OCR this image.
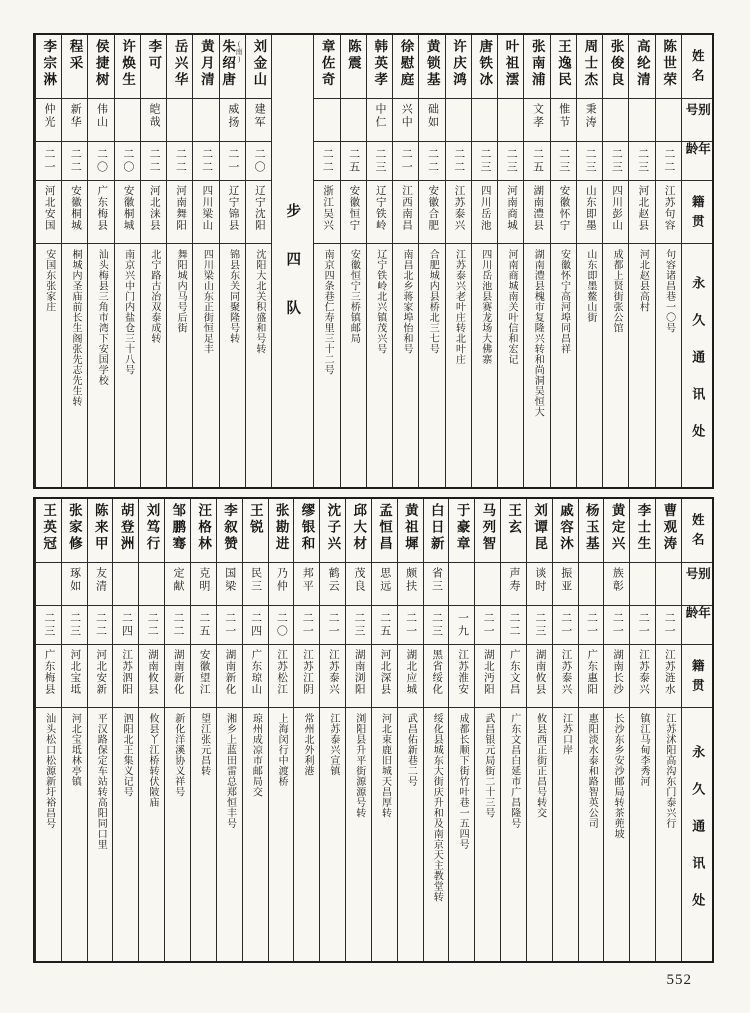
姓名
别号
年龄
籍贯
永久通讯处
陈世荣
二二
江苏句容
句容诸昌巷一〇号
高纶清
二三
河北赵县
河北赵县高村
张俊良
二三
四川彭山
成都上贤街张公馆
周士杰
秉涛
二三
山东即墨
山东即墨鳌山街
王逸民
惟节
二三
安徽怀宁
安徽怀宁高河埠同昌祥
张南浦
文孝
二五
湖南澧县
湖南澧县槐市复隆兴转和尚洞吴恒大
叶祖澐
二三
河南商城
河南商城南关叶信和宏记
唐铁冰
二三
四川岳池
四川岳池县赛龙场大佛寨
许庆鸿
二二
江苏泰兴
江苏泰兴老叶庄转北叶庄
黄锁基
础如
二二
安徽合肥
合肥城内县桥北三七号
徐慰庭
兴中
二一
江西南昌
南昌北乡蒋家埠怡和号
韩英孝
中仁
二三
辽宁铁岭
辽宁铁岭北兴镇茂兴号
陈震
二五
安徽恒宁
安徽恒宁三桥镇邮局
章佐奇
二二
浙江吴兴
南京四条巷仁寿里三十二号
步四队
刘金山
建军
二〇
辽宁沈阳
沈阳大北关积盛和号转
朱绍唐 (南)
威扬
二一
辽宁锦县
锦县东关同聚隆号转
黄月清
二二
四川梁山
四川梁山东正街恒足丰
岳兴华
二二
河南舞阳
舞阳城内马号后街
李可
皑哉
二二
河北涞县
北宁路古冶双泰成转
许焕生
二〇
安徽桐城
南京兴中门内盐仓三十八号
侯捷树
伟山
二〇
广东梅县
汕头梅县三角市湾下安国学校
程采
新华
二二
安徽桐城
桐城内圣庙前长生阁张先志先生转
李宗淋
仲光
二一
河北安国
安国东张家庄
姓名
别号
年龄
籍贯
永久通讯处
曹观涛
二一
江苏涟水
江苏沭阳高沟东门泰兴行
李士生
二一
江苏泰兴
镇江马甸李秀河
黄定兴
族彰
二一
湖南长沙
长沙东乡安沙邮局转茶蔸坡
杨玉基
二一
广东惠阳
惠阳淡水泰和路智英公司
戚容沐
振亚
二一
江苏泰兴
江苏口岸
刘谭昆
谈时
二三
湖南攸县
攸县西正街正昌号转交
王玄
声寿
二二
广东文昌
广东文昌白延市广昌隆号
马列智
二一
湖北沔阳
武昌银元局街二十三号
于豪章
一九
江苏淮安
成都长顺下街竹叶巷一五四号
白日新
省三
二三
黑省绥化
绥化县城东大街庆升和及南京天主教堂转
黄祖墀
颇扶
二一
湖北应城
武昌佑新巷二号
孟恒昌
思远
二五
河北深县
河北束鹿旧城天昌厚转
邱大材
茂良
二三
湖南浏阳
浏阳县升平街源源号转
沈子兴
鹤云
二一
江苏泰兴
江苏泰兴宣镇
缪银和
邦平
二一
江苏江阴
常州北外利港
张勘进
乃仲
二〇
江苏松江
上海闵行中渡桥
王锐
民三
二四
广东琼山
琼州成凉市邮局交
李叙赞
国梁
二一
湖南新化
湘乡上蓝田雷总郑恒丰号
汪格林
克明
二五
安徽望江
望江张元昌转
邹鹏骞
定献
二二
湖南新化
新化洋溪协义祥号
刘笃行
二二
湖南攸县
攸县丫江桥转伏陂庙
胡登洲
二四
江苏泗阳
泗阳北王集义记号
陈来甲
友清
二二
河北安新
平汉路保定车站转高阳同口里
张家修
琢如
二三
河北宝坻
河北宝坻林亭镇
王英冠
二三
广东梅县
汕头松口松源新圩裕昌号
552
